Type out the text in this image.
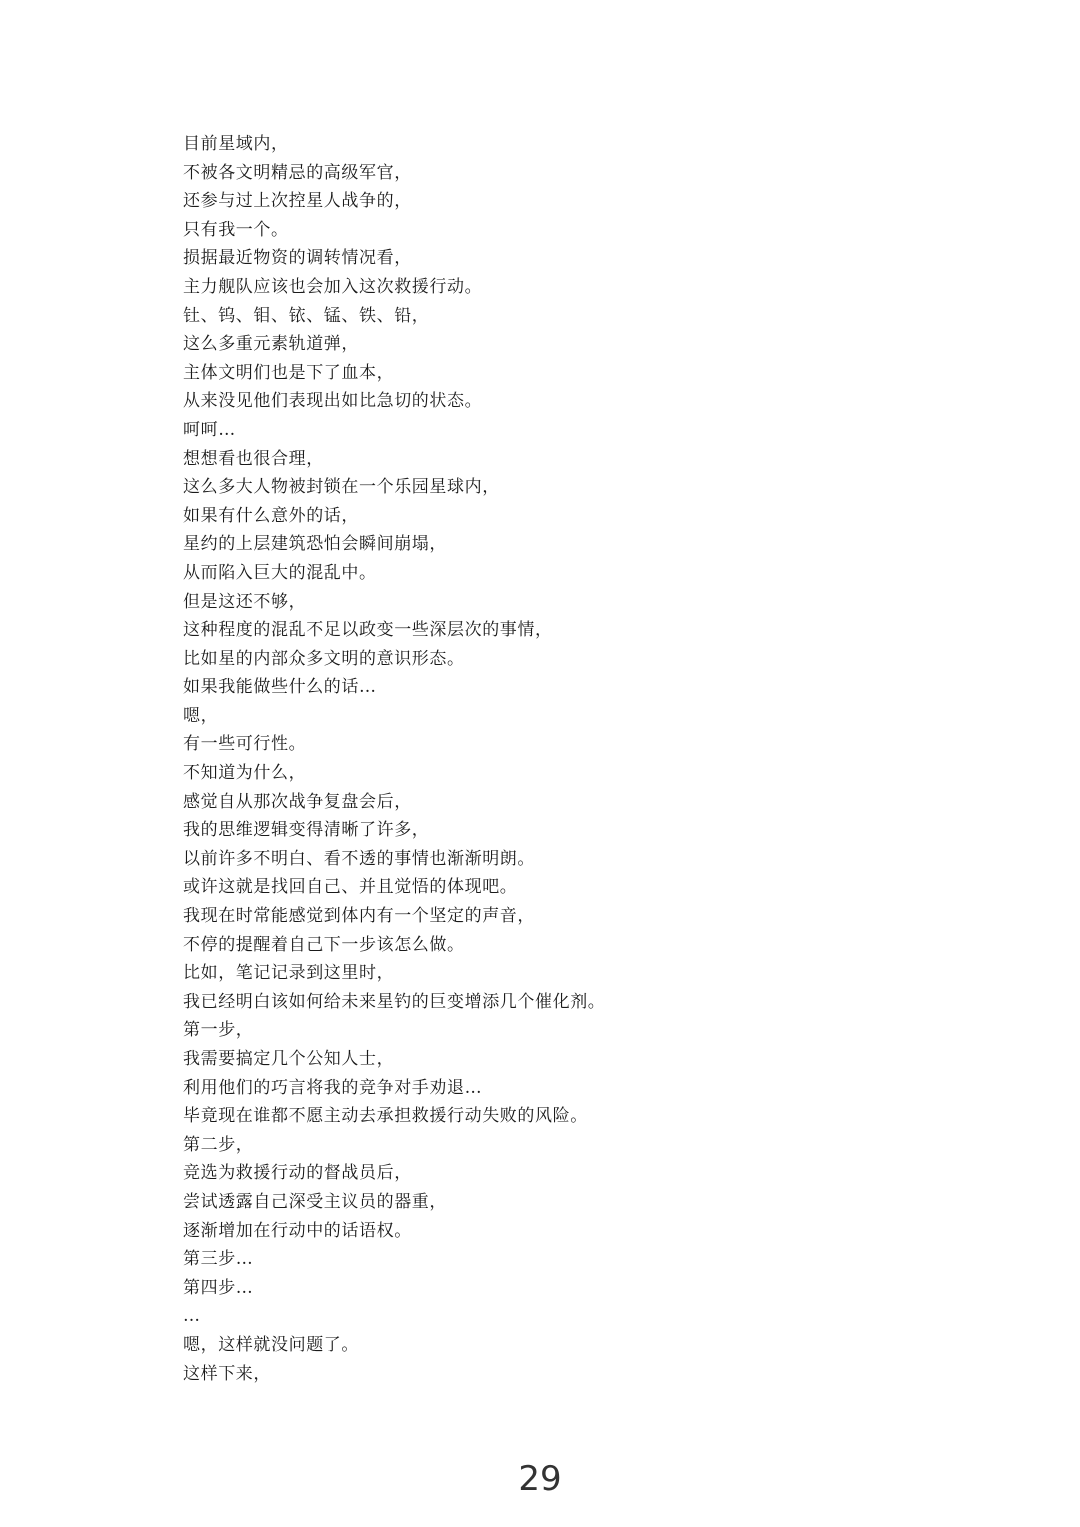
目前星域内，
不被各文明精忌的高级军官，
还参与过上次控星人战争的，
只有我一个。
损据最近物资的调转情况看，
主力舰队应该也会加入这次救援行动。
钍、钨、钼、铱、锰、铁、铅，
这么多重元素轨道弹，
主体文明们也是下了血本，
从来没见他们表现出如比急切的状态。
呵呵…
想想看也很合理，
这么多大人物被封锁在一个乐园星球内，
如果有什么意外的话，
星约的上层建筑恐怕会瞬间崩塌，
从而陷入巨大的混乱中。
但是这还不够，
这种程度的混乱不足以政变一些深层次的事情，
比如星的内部众多文明的意识形态。
如果我能做些什么的话…
嗯，
有一些可行性。
不知道为什么，
感觉自从那次战争复盘会后，
我的思维逻辑变得清晰了许多，
以前许多不明白、看不透的事情也渐渐明朗。
或许这就是找回自己、并且觉悟的体现吧。
我现在时常能感觉到体内有一个坚定的声音，
不停的提醒着自己下一步该怎么做。
比如，笔记记录到这里时，
我已经明白该如何给未来星钓的巨变增添几个催化剂。
第一步，
我需要搞定几个公知人士，
利用他们的巧言将我的竞争对手劝退…
毕竟现在谁都不愿主动去承担救援行动失败的风险。
第二步，
竞选为救援行动的督战员后，
尝试透露自己深受主议员的器重，
逐渐增加在行动中的话语权。
第三步…
第四步…
…
嗯，这样就没问题了。
这样下来，
29
